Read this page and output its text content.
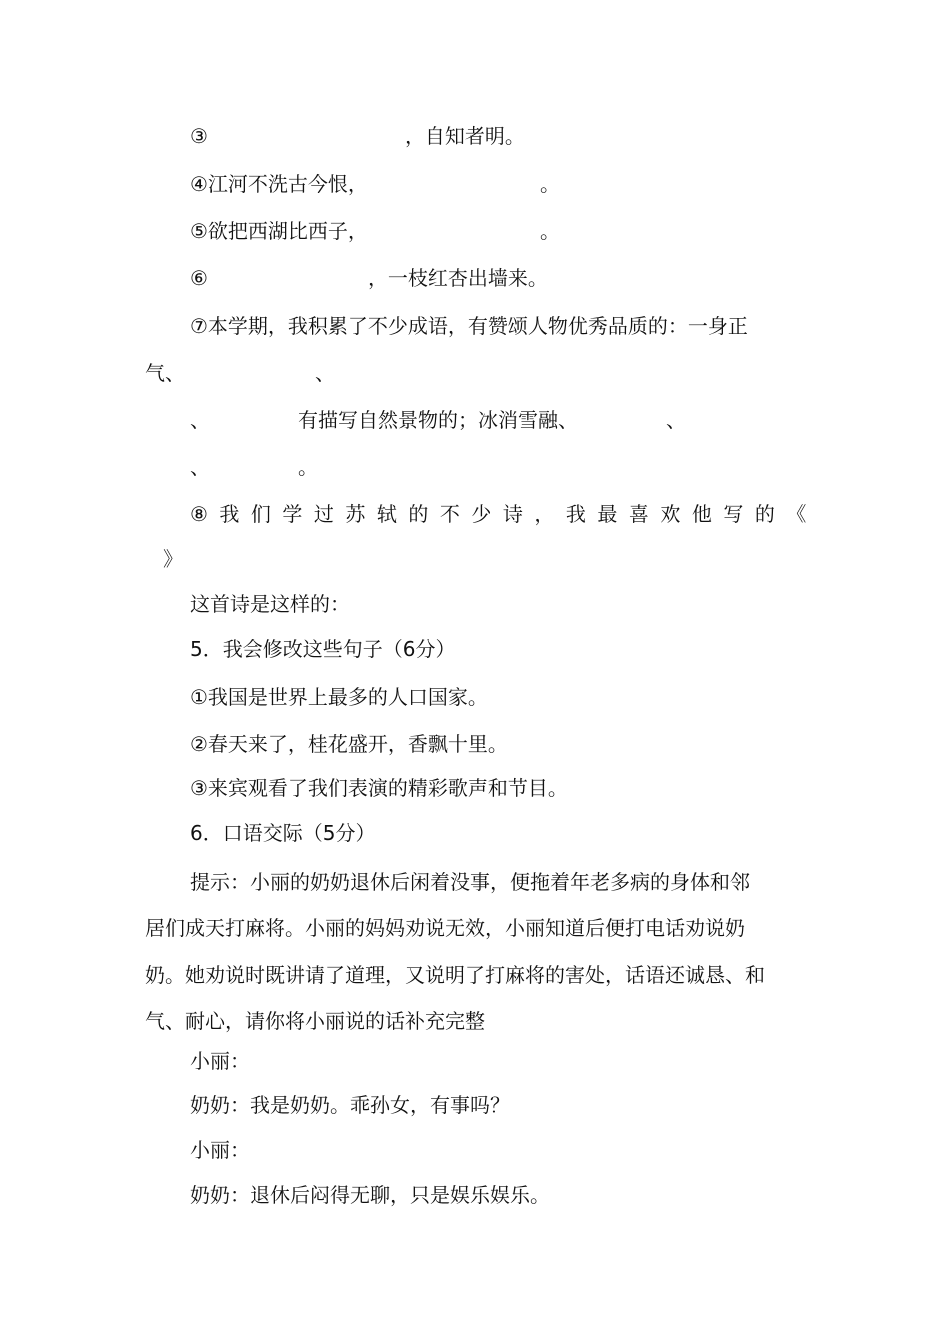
③	，自知者明。
④江河不洗古今恨，	。
⑤欲把西湖比西子，	。
⑥	，一枝红杏出墙来。
⑦本学期，我积累了不少成语，有赞颂人物优秀品质的：一身正
气、	、
、	有描写自然景物的；冰消雪融、	、
、	。
⑧我们学过苏轼的不少诗，我最喜欢他写的《
》
这首诗是这样的：
5．我会修改这些句子（6分）
①我国是世界上最多的人口国家。
②春天来了，桂花盛开，香飘十里。
③来宾观看了我们表演的精彩歌声和节目。
6．口语交际（5分）
提示：小丽的奶奶退休后闲着没事，便拖着年老多病的身体和邻
居们成天打麻将。小丽的妈妈劝说无效，小丽知道后便打电话劝说奶
奶。她劝说时既讲请了道理，又说明了打麻将的害处，话语还诚恳、和
气、耐心，请你将小丽说的话补充完整
小丽：
奶奶：我是奶奶。乖孙女，有事吗？
小丽：
奶奶：退休后闷得无聊，只是娱乐娱乐。
